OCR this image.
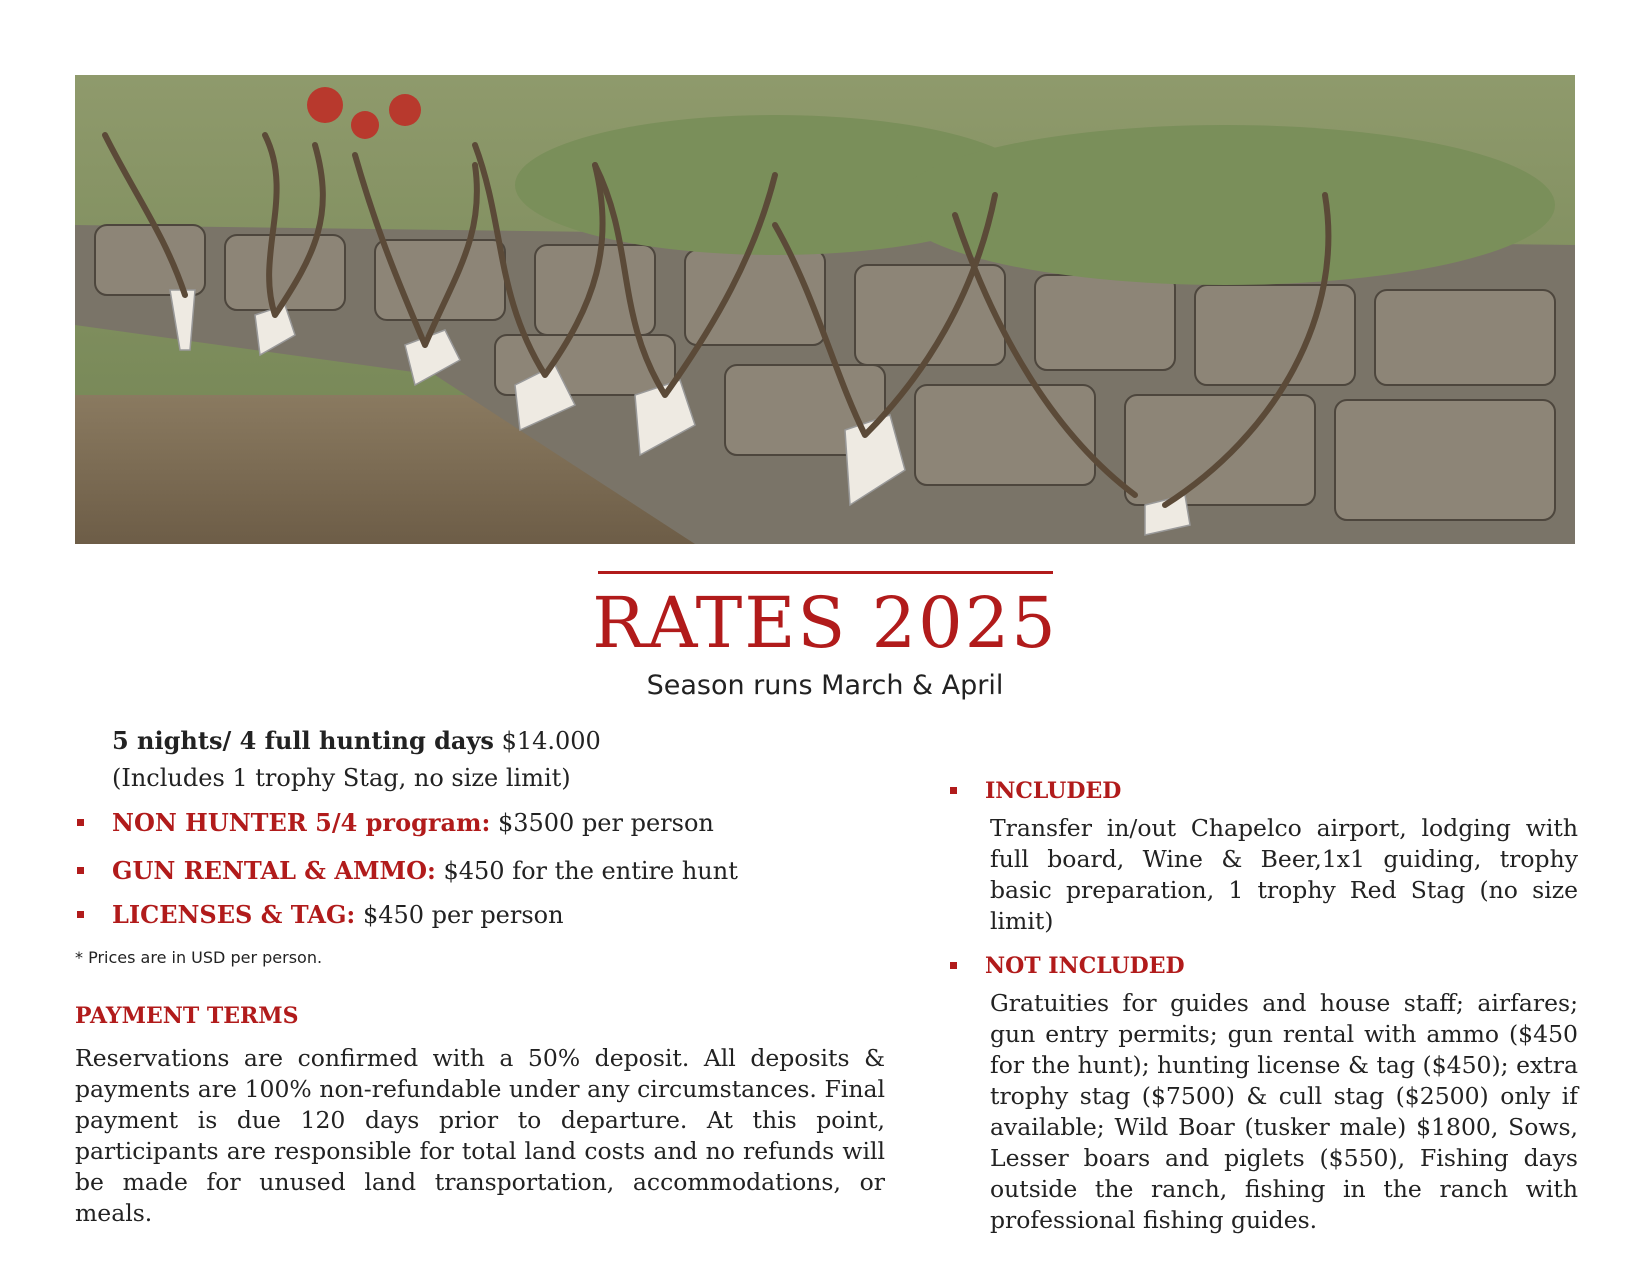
RATES 2025
Season runs March & April
5 nights/ 4 full hunting days $14.000
(Includes 1 trophy Stag, no size limit)
NON HUNTER 5/4 program: $3500 per person
GUN RENTAL & AMMO: $450 for the entire hunt
LICENSES & TAG: $450 per person
* Prices are in USD per person.
PAYMENT TERMS
Reservations are confirmed with a 50% deposit. All deposits & payments are 100% non-refundable under any circumstances. Final payment is due 120 days prior to departure. At this point, participants are responsible for total land costs and no refunds will be made for unused land transportation, accommodations, or meals.
INCLUDED
Transfer in/out Chapelco airport, lodging with full board, Wine & Beer,1x1 guiding, trophy basic preparation, 1 trophy Red Stag (no size limit)
NOT INCLUDED
Gratuities for guides and house staff; airfares; gun entry permits; gun rental with ammo ($450 for the hunt); hunting license & tag ($450); extra trophy stag ($7500) & cull stag ($2500) only if available; Wild Boar (tusker male) $1800, Sows, Lesser boars and piglets ($550), Fishing days outside the ranch, fishing in the ranch with professional fishing guides.
